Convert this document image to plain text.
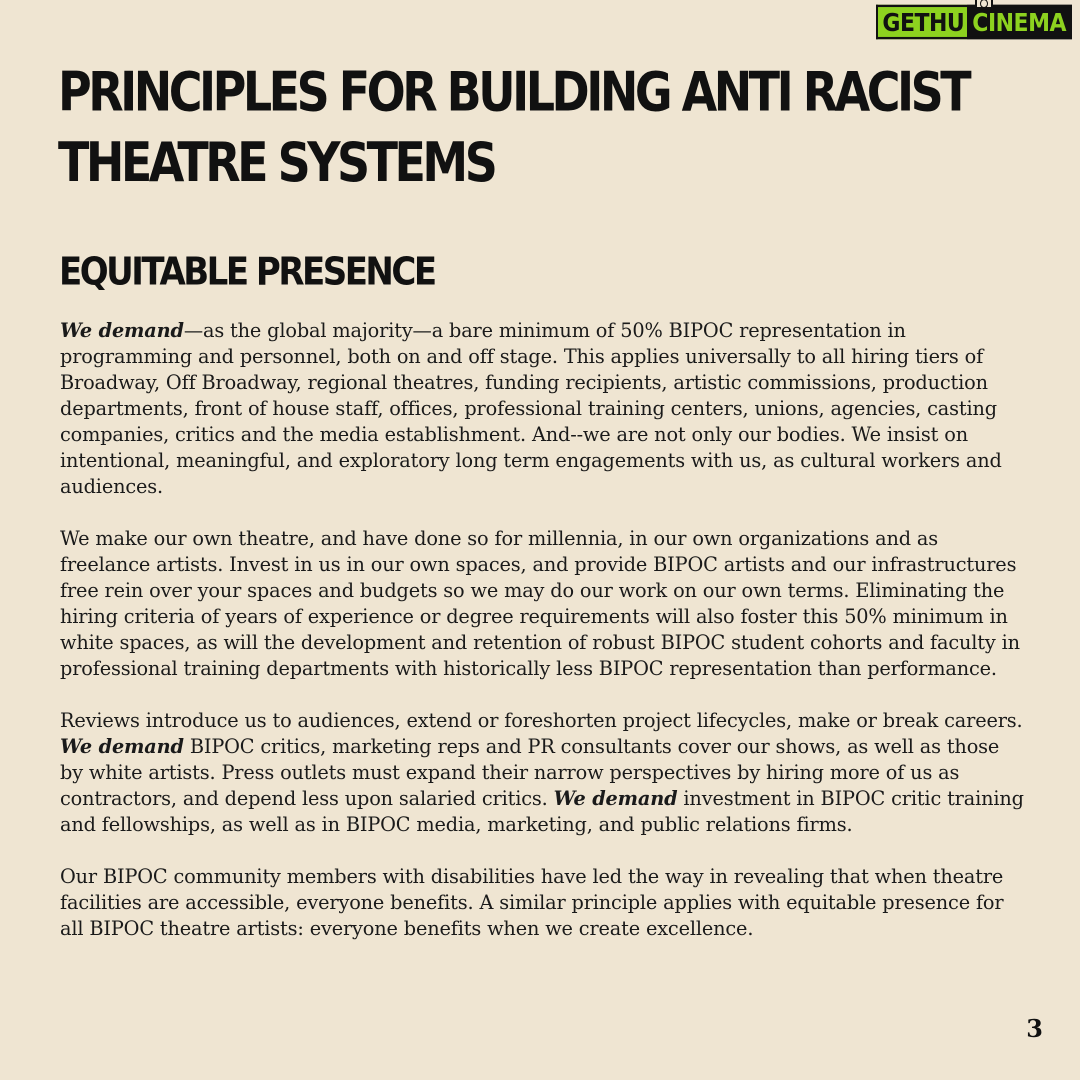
GETHU CINEMA
PRINCIPLES FOR BUILDING ANTI RACIST THEATRE SYSTEMS
EQUITABLE PRESENCE

We demand—as the global majority—a bare minimum of 50% BIPOC representation in programming and personnel, both on and off stage. This applies universally to all hiring tiers of Broadway, Off Broadway, regional theatres, funding recipients, artistic commissions, production departments, front of house staff, offices, professional training centers, unions, agencies, casting companies, critics and the media establishment. And--we are not only our bodies. We insist on intentional, meaningful, and exploratory long term engagements with us, as cultural workers and audiences.

We make our own theatre, and have done so for millennia, in our own organizations and as freelance artists. Invest in us in our own spaces, and provide BIPOC artists and our infrastructures free rein over your spaces and budgets so we may do our work on our own terms. Eliminating the hiring criteria of years of experience or degree requirements will also foster this 50% minimum in white spaces, as will the development and retention of robust BIPOC student cohorts and faculty in professional training departments with historically less BIPOC representation than performance.

Reviews introduce us to audiences, extend or foreshorten project lifecycles, make or break careers. We demand BIPOC critics, marketing reps and PR consultants cover our shows, as well as those by white artists. Press outlets must expand their narrow perspectives by hiring more of us as contractors, and depend less upon salaried critics. We demand investment in BIPOC critic training and fellowships, as well as in BIPOC media, marketing, and public relations firms.

Our BIPOC community members with disabilities have led the way in revealing that when theatre facilities are accessible, everyone benefits. A similar principle applies with equitable presence for all BIPOC theatre artists: everyone benefits when we create excellence.

3
